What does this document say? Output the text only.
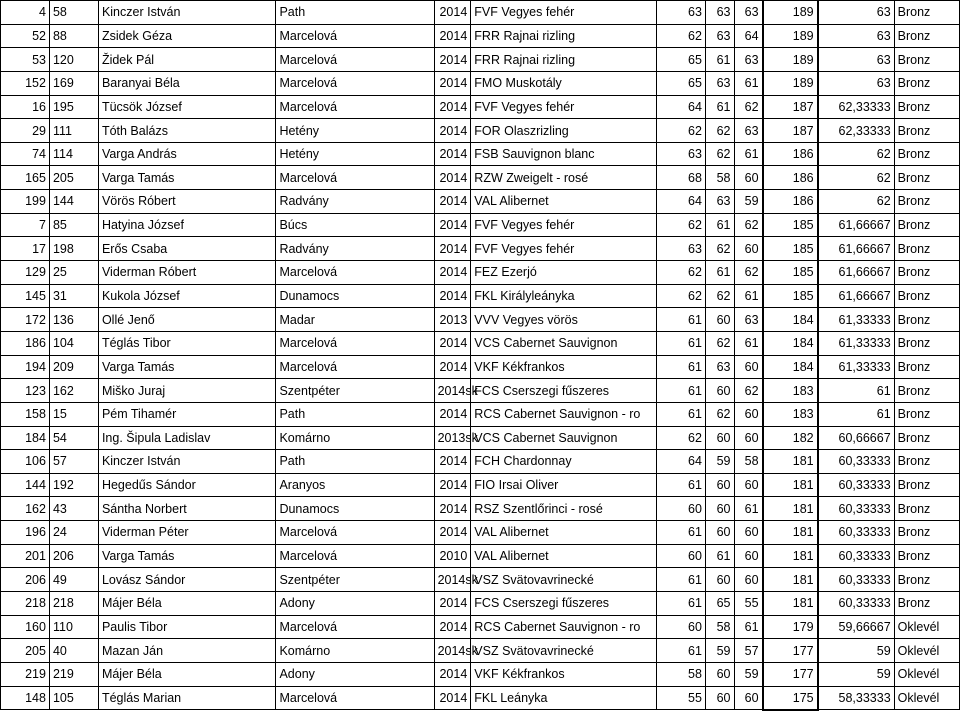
4	58	Kinczer István	Path	2014	FVF Vegyes fehér	63	63	63	189	63	Bronz
52	88	Zsidek Géza	Marcelová	2014	FRR Rajnai rizling	62	63	64	189	63	Bronz
53	120	Židek Pál	Marcelová	2014	FRR Rajnai rizling	65	61	63	189	63	Bronz
152	169	Baranyai Béla	Marcelová	2014	FMO Muskotály	65	63	61	189	63	Bronz
16	195	Tücsök József	Marcelová	2014	FVF Vegyes fehér	64	61	62	187	62,33333	Bronz
29	111	Tóth Balázs	Hetény	2014	FOR Olaszrizling	62	62	63	187	62,33333	Bronz
74	114	Varga András	Hetény	2014	FSB Sauvignon blanc	63	62	61	186	62	Bronz
165	205	Varga Tamás	Marcelová	2014	RZW Zweigelt - rosé	68	58	60	186	62	Bronz
199	144	Vörös Róbert	Radvány	2014	VAL Alibernet	64	63	59	186	62	Bronz
7	85	Hatyina József	Búcs	2014	FVF Vegyes fehér	62	61	62	185	61,66667	Bronz
17	198	Erős Csaba	Radvány	2014	FVF Vegyes fehér	63	62	60	185	61,66667	Bronz
129	25	Viderman Róbert	Marcelová	2014	FEZ Ezerjó	62	61	62	185	61,66667	Bronz
145	31	Kukola József	Dunamocs	2014	FKL Királyleányka	62	62	61	185	61,66667	Bronz
172	136	Ollé Jenő	Madar	2013	VVV Vegyes vörös	61	60	63	184	61,33333	Bronz
186	104	Téglás Tibor	Marcelová	2014	VCS Cabernet Sauvignon	61	62	61	184	61,33333	Bronz
194	209	Varga Tamás	Marcelová	2014	VKF Kékfrankos	61	63	60	184	61,33333	Bronz
123	162	Miško Juraj	Szentpéter	2014sk	FCS Cserszegi fűszeres	61	60	62	183	61	Bronz
158	15	Pém Tihamér	Path	2014	RCS Cabernet Sauvignon - ro	61	62	60	183	61	Bronz
184	54	Ing. Šipula Ladislav	Komárno	2013sk	VCS Cabernet Sauvignon	62	60	60	182	60,66667	Bronz
106	57	Kinczer István	Path	2014	FCH Chardonnay	64	59	58	181	60,33333	Bronz
144	192	Hegedűs Sándor	Aranyos	2014	FIO Irsai Oliver	61	60	60	181	60,33333	Bronz
162	43	Sántha Norbert	Dunamocs	2014	RSZ Szentlőrinci - rosé	60	60	61	181	60,33333	Bronz
196	24	Viderman Péter	Marcelová	2014	VAL Alibernet	61	60	60	181	60,33333	Bronz
201	206	Varga Tamás	Marcelová	2010	VAL Alibernet	60	61	60	181	60,33333	Bronz
206	49	Lovász Sándor	Szentpéter	2014sk	VSZ Svätovavrinecké	61	60	60	181	60,33333	Bronz
218	218	Májer Béla	Adony	2014	FCS Cserszegi fűszeres	61	65	55	181	60,33333	Bronz
160	110	Paulis Tibor	Marcelová	2014	RCS Cabernet Sauvignon - ro	60	58	61	179	59,66667	Oklevél
205	40	Mazan Ján	Komárno	2014sk	VSZ Svätovavrinecké	61	59	57	177	59	Oklevél
219	219	Májer Béla	Adony	2014	VKF Kékfrankos	58	60	59	177	59	Oklevél
148	105	Téglás Marian	Marcelová	2014	FKL Leányka	55	60	60	175	58,33333	Oklevél
